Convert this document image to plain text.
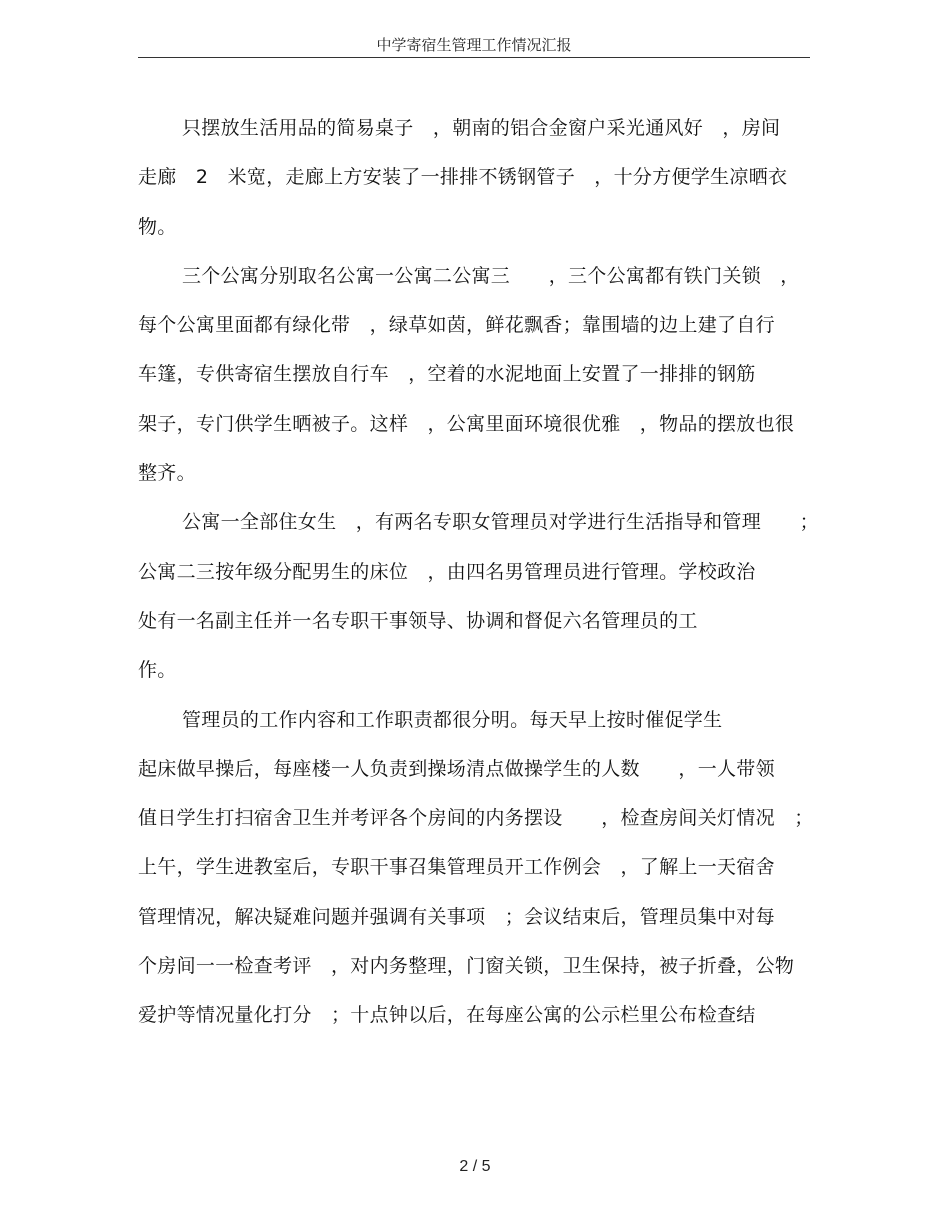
中学寄宿生管理工作情况汇报
只摆放生活用品的简易桌子　，朝南的铝合金窗户采光通风好　，房间
走廊　2　米宽，走廊上方安装了一排排不锈钢管子　，十分方便学生凉晒衣
物。
三个公寓分别取名公寓一公寓二公寓三　　，三个公寓都有铁门关锁　，
每个公寓里面都有绿化带　，绿草如茵，鲜花飘香；靠围墙的边上建了自行
车篷，专供寄宿生摆放自行车　，空着的水泥地面上安置了一排排的钢筋
架子，专门供学生晒被子。这样　，公寓里面环境很优雅　，物品的摆放也很
整齐。
公寓一全部住女生　，有两名专职女管理员对学进行生活指导和管理　　；
公寓二三按年级分配男生的床位　，由四名男管理员进行管理。学校政治
处有一名副主任并一名专职干事领导、协调和督促六名管理员的工
作。
管理员的工作内容和工作职责都很分明。每天早上按时催促学生
起床做早操后，每座楼一人负责到操场清点做操学生的人数　　，一人带领
值日学生打扫宿舍卫生并考评各个房间的内务摆设　　，检查房间关灯情况　；
上午，学生进教室后，专职干事召集管理员开工作例会　，了解上一天宿舍
管理情况，解决疑难问题并强调有关事项　；会议结束后，管理员集中对每
个房间一一检查考评　，对内务整理，门窗关锁，卫生保持，被子折叠，公物
爱护等情况量化打分　；十点钟以后，在每座公寓的公示栏里公布检查结
2 / 5
